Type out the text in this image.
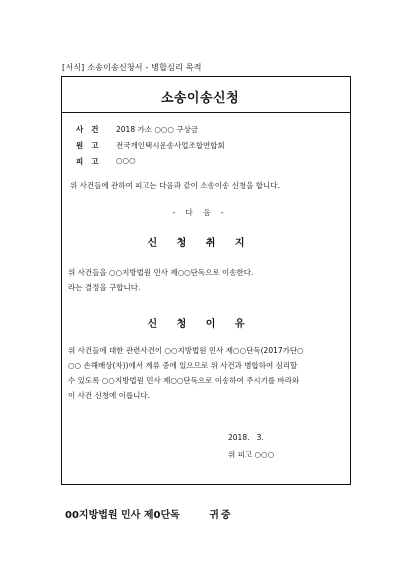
[서식] 소송이송신청서 - 병합심리 목적
소송이송신청
사건	2018 가소 ○○○ 구상금
원고	전국개인택시운송사업조합연합회
피고	○○○
위 사건들에 관하여 피고는 다음과 같이 소송이송 신청을 합니다.
- 다 음 -
신 청 취 지
위 사건들을 ○○지방법원 민사 제○○단독으로 이송한다.
라는 결정을 구합니다.
신 청 이 유
위 사건들에 대한 관련사건이 ○○지방법원 민사 제○○단독(2017가단○
○○ 손해배상(자))에서 계류 중에 있으므로 위 사건과 병합하여 심리할
수 있도록 ○○지방법원 민사 제○○단독으로 이송하여 주시기를 바라와
이 사건 신청에 이릅니다.
2018.   3.
위 피고 ○○○
00지방법원 민사 제0단독	귀중
